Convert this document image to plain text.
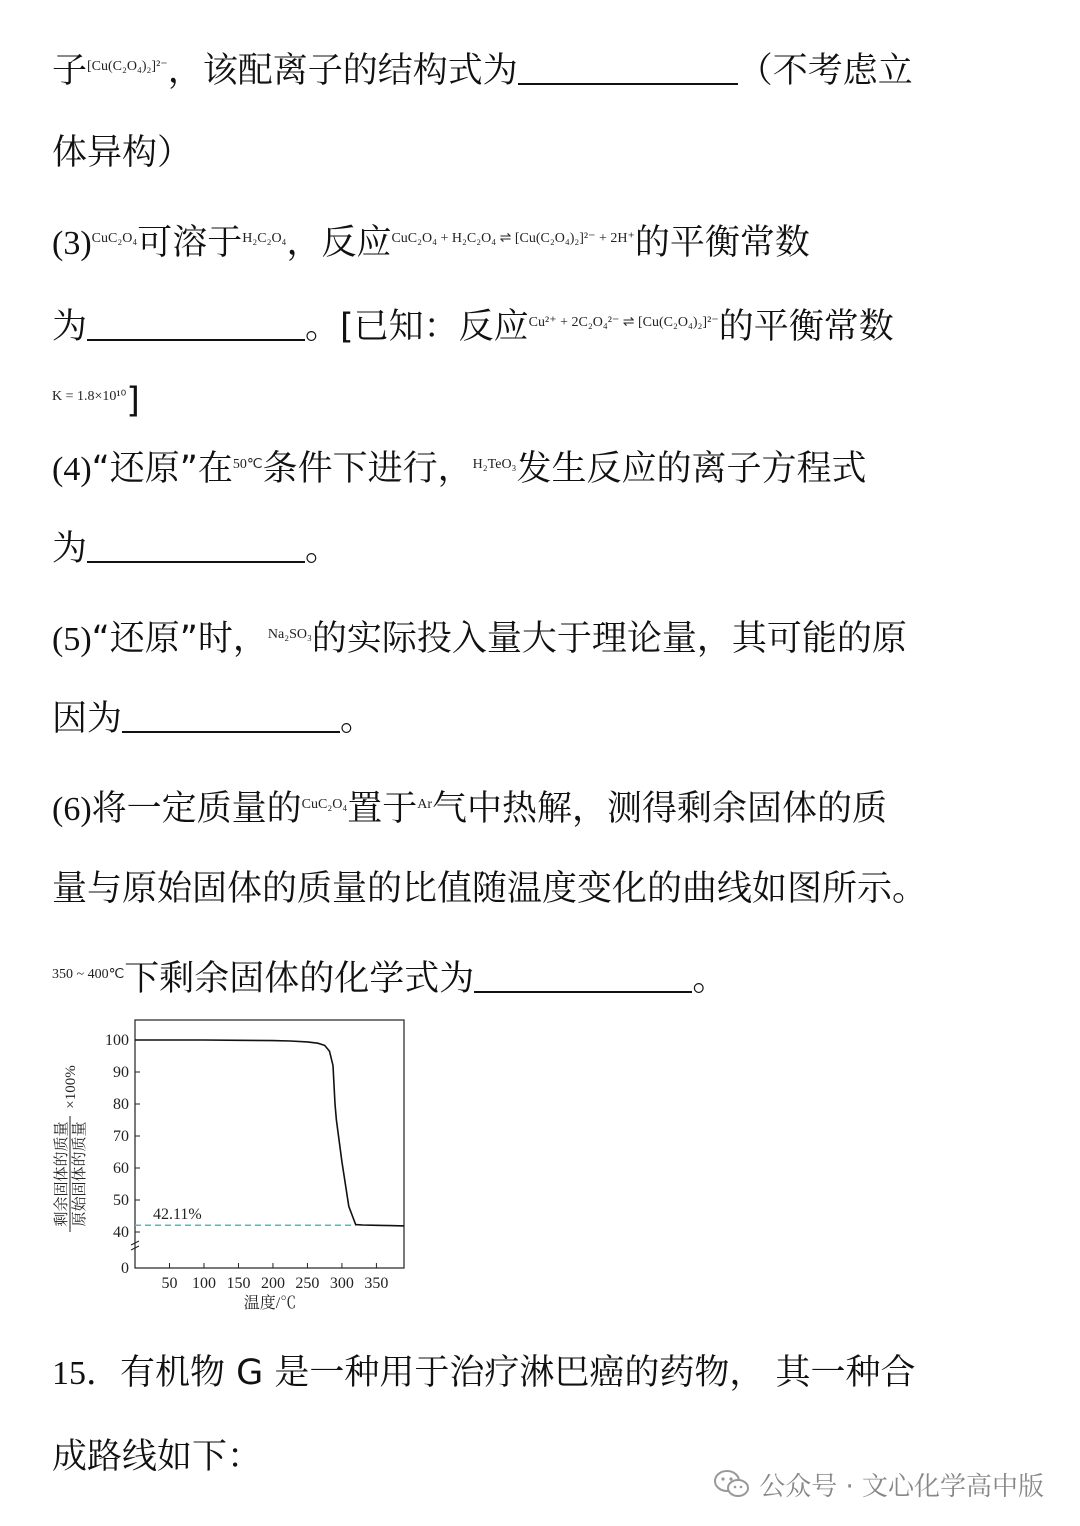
子$^{[Cu(C_2O_4)_2]^{2-}}$，该配离子的结构式为	（不考虑立
体异构）
$(3)^{CuC_2O_4}$可溶于$^{H_2C_2O_4}$，反应$^{CuC_2O_4 + H_2C_2O_4 \rightleftharpoons [Cu(C_2O_4)_2]^{2-} + 2H^+}$的平衡常数
为	。[已知：反应$^{Cu^{2+} + 2C_2O_4^{2-} \rightleftharpoons [Cu(C_2O_4)_2]^{2-}}$的平衡常数
$^{K = 1.8\times 10^{10}}$]
(4)“还原”在$^{50℃}$条件下进行，$^{H_2TeO_3}$发生反应的离子方程式
为	。
(5)“还原”时，$^{Na_2SO_3}$的实际投入量大于理论量，其可能的原
因为	。
(6)将一定质量的$^{CuC_2O_4}$置于$^{Ar}$气中热解，测得剩余固体的质
量与原始固体的质量的比值随温度变化的曲线如图所示。
$^{350 \sim 400℃}$下剩余固体的化学式为	。
剩余固体的质量 原始固体的质量
×100%
0
40
50
60
70
80
90
100
50 100 150 200 250 300 350
42.11%
温度/℃
15．有机物 G 是一种用于治疗淋巴癌的药物， 其一种合
成路线如下：
公众号 · 文心化学高中版
